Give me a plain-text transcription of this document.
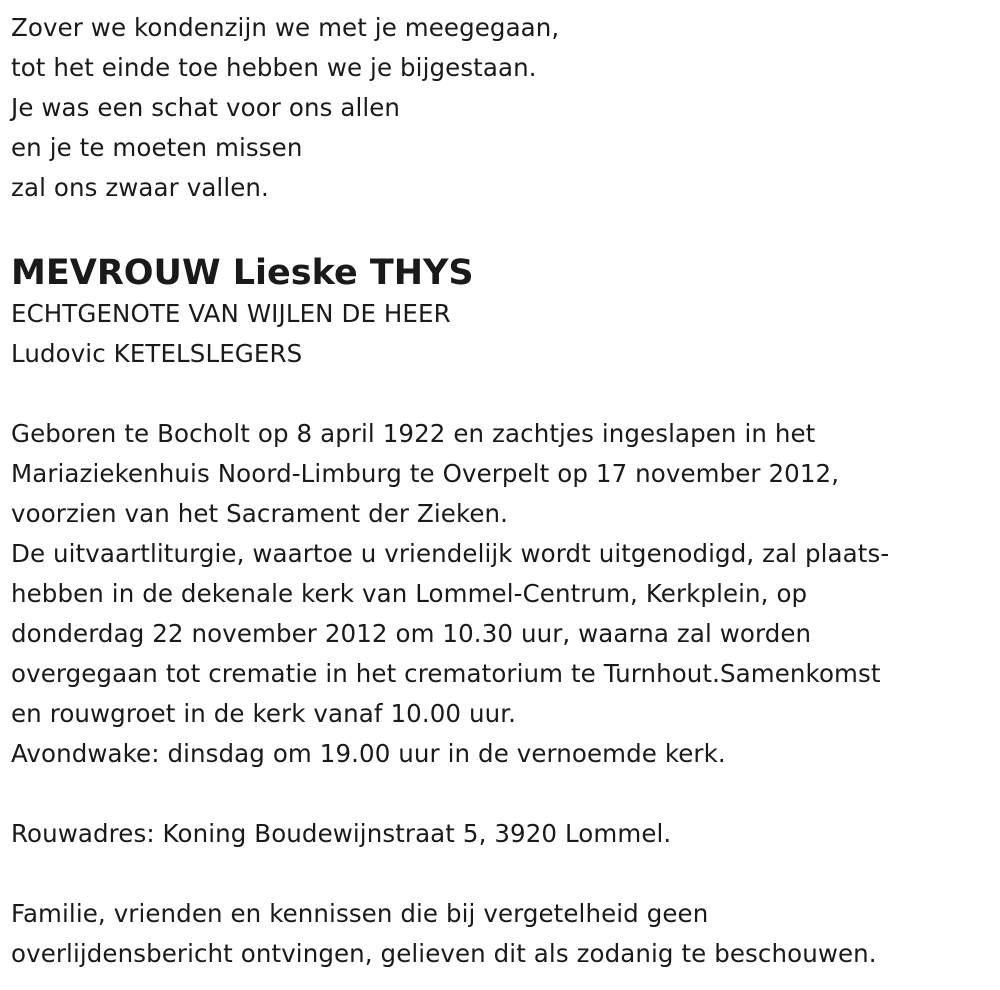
Zover we kondenzijn we met je meegegaan,
tot het einde toe hebben we je bijgestaan.
Je was een schat voor ons allen
en je te moeten missen
zal ons zwaar vallen.
MEVROUW Lieske THYS
ECHTGENOTE VAN WIJLEN DE HEER
Ludovic KETELSLEGERS
Geboren te Bocholt op 8 april 1922 en zachtjes ingeslapen in het
Mariaziekenhuis Noord-Limburg te Overpelt op 17 november 2012,
voorzien van het Sacrament der Zieken.
De uitvaartliturgie, waartoe u vriendelijk wordt uitgenodigd, zal plaats-
hebben in de dekenale kerk van Lommel-Centrum, Kerkplein, op
donderdag 22 november 2012 om 10.30 uur, waarna zal worden
overgegaan tot crematie in het crematorium te Turnhout.Samenkomst
en rouwgroet in de kerk vanaf 10.00 uur.
Avondwake: dinsdag om 19.00 uur in de vernoemde kerk.
Rouwadres: Koning Boudewijnstraat 5, 3920 Lommel.
Familie, vrienden en kennissen die bij vergetelheid geen
overlijdensbericht ontvingen, gelieven dit als zodanig te beschouwen.
